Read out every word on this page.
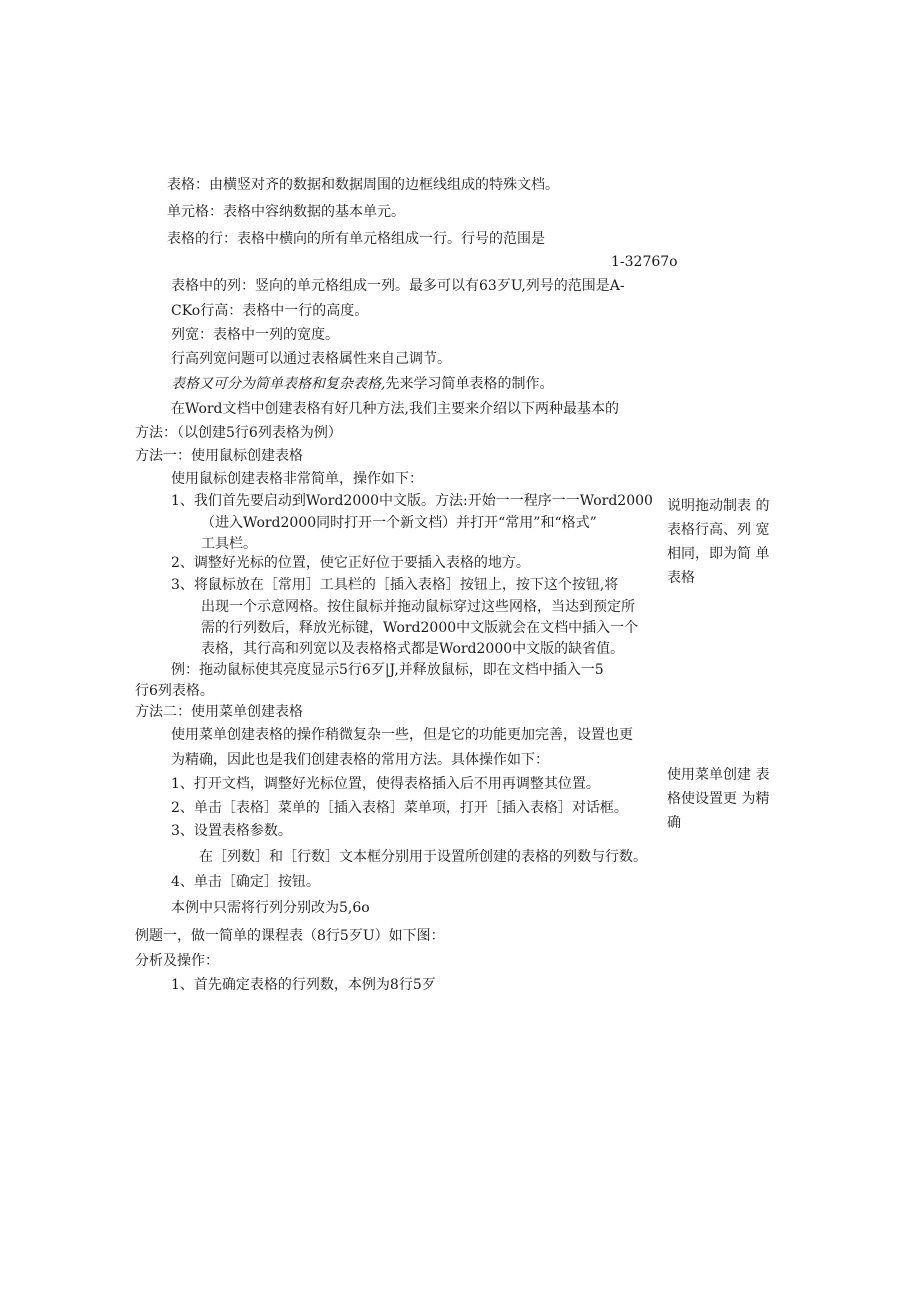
表格：由横竖对齐的数据和数据周围的边框线组成的特殊文档。
单元格：表格中容纳数据的基本单元。
表格的行：表格中横向的所有单元格组成一行。行号的范围是
1-32767o
表格中的列：竖向的单元格组成一列。最多可以有63歹U,列号的范围是A-
CKo行高：表格中一行的高度。
列宽：表格中一列的宽度。
行高列宽问题可以通过表格属性来自己调节。
表格又可分为简单表格和复杂表格,先来学习简单表格的制作。
在Word文档中创建表格有好几种方法,我们主要来介绍以下两种最基本的
方法：（以创建5行6列表格为例）
方法一：使用鼠标创建表格
使用鼠标创建表格非常简单，操作如下：
1、我们首先要启动到Word2000中文版。方法:开始一一程序一一Word2000
（进入Word2000同时打开一个新文档）并打开“常用”和“格式”
工具栏。
2、调整好光标的位置，使它正好位于要插入表格的地方。
3、将鼠标放在［常用］工具栏的［插入表格］按钮上，按下这个按钮,将
出现一个示意网格。按住鼠标并拖动鼠标穿过这些网格，当达到预定所
需的行列数后，释放光标键，Word2000中文版就会在文档中插入一个
表格，其行高和列宽以及表格格式都是Word2000中文版的缺省值。
例：拖动鼠标使其亮度显示5行6歹|J,并释放鼠标，即在文档中插入一5
行6列表格。
方法二：使用菜单创建表格
使用菜单创建表格的操作稍微复杂一些，但是它的功能更加完善，设置也更
为精确，因此也是我们创建表格的常用方法。具体操作如下：
1、打开文档，调整好光标位置，使得表格插入后不用再调整其位置。
2、单击［表格］菜单的［插入表格］菜单项，打开［插入表格］对话框。
3、设置表格参数。
在［列数］和［行数］文本框分别用于设置所创建的表格的列数与行数。
4、单击［确定］按钮。
本例中只需将行列分别改为5,6o
例题一，做一简单的课程表（8行5歹U）如下图：
分析及操作：
1、首先确定表格的行列数，本例为8行5歹
说明拖动制表 的
表格行高、列 宽
相同，即为简 单
表格
使用菜单创建 表
格使设置更 为精
确
